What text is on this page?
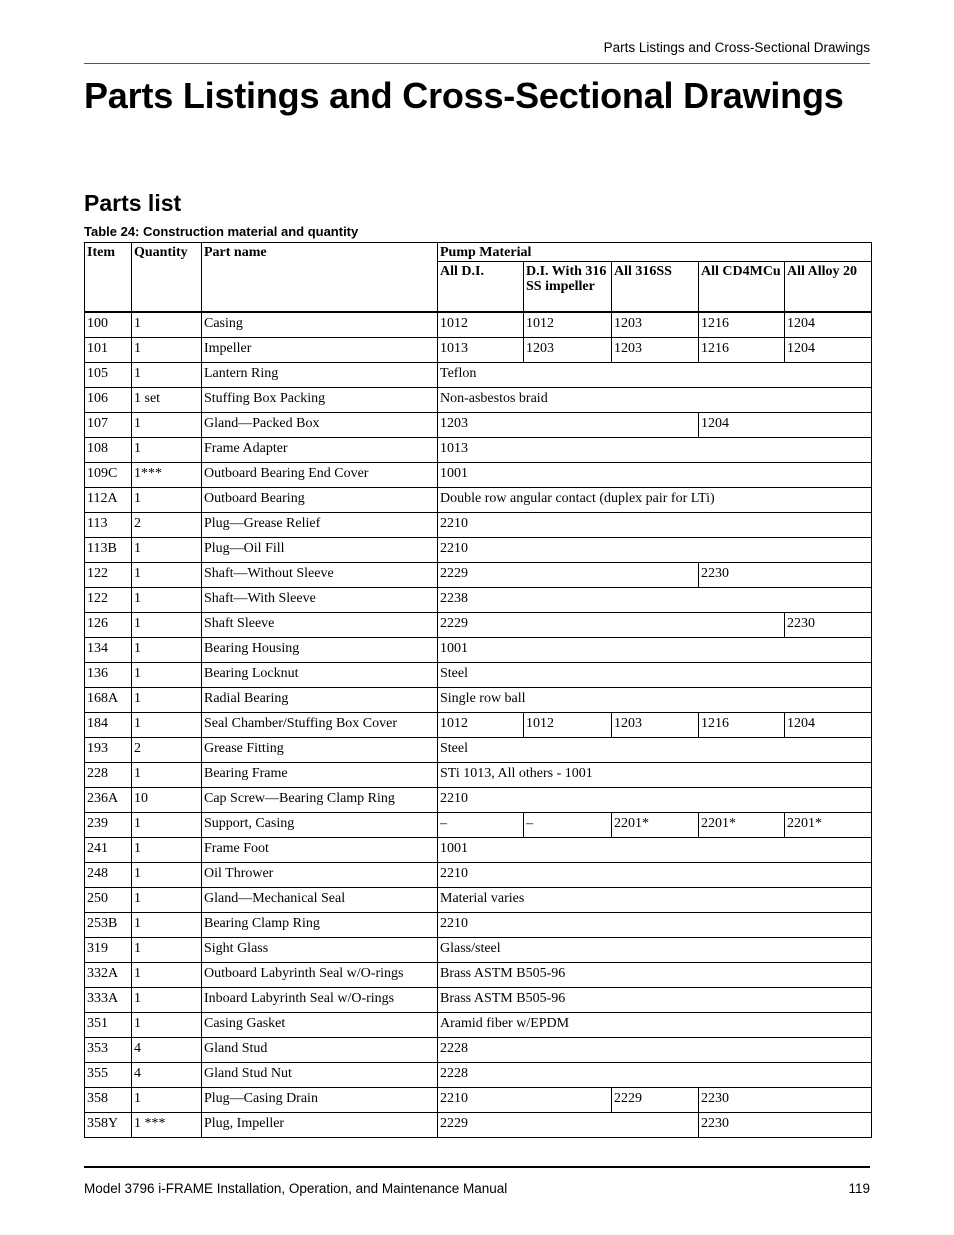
Parts Listings and Cross-Sectional Drawings
Parts Listings and Cross-Sectional Drawings
Parts list
Table 24: Construction material and quantity
Item	Quantity	Part name	Pump Material				
			All D.I.	D.I. With 316 SS impeller	All 316SS	All CD4MCu	All Alloy 20
100	1	Casing	1012	1012	1203	1216	1204
101	1	Impeller	1013	1203	1203	1216	1204
105	1	Lantern Ring	Teflon				
106	1 set	Stuffing Box Packing	Non-asbestos braid				
107	1	Gland—Packed Box	1203			1204	
108	1	Frame Adapter	1013				
109C	1***	Outboard Bearing End Cover	1001				
112A	1	Outboard Bearing	Double row angular contact (duplex pair for LTi)				
113	2	Plug—Grease Relief	2210				
113B	1	Plug—Oil Fill	2210				
122	1	Shaft—Without Sleeve	2229			2230	
122	1	Shaft—With Sleeve	2238				
126	1	Shaft Sleeve	2229				2230
134	1	Bearing Housing	1001				
136	1	Bearing Locknut	Steel				
168A	1	Radial Bearing	Single row ball				
184	1	Seal Chamber/Stuffing Box Cover	1012	1012	1203	1216	1204
193	2	Grease Fitting	Steel				
228	1	Bearing Frame	STi 1013, All others - 1001				
236A	10	Cap Screw—Bearing Clamp Ring	2210				
239	1	Support, Casing	–	–	2201*	2201*	2201*
241	1	Frame Foot	1001				
248	1	Oil Thrower	2210				
250	1	Gland—Mechanical Seal	Material varies				
253B	1	Bearing Clamp Ring	2210				
319	1	Sight Glass	Glass/steel				
332A	1	Outboard Labyrinth Seal w/O-rings	Brass ASTM B505-96				
333A	1	Inboard Labyrinth Seal w/O-rings	Brass ASTM B505-96				
351	1	Casing Gasket	Aramid fiber w/EPDM				
353	4	Gland Stud	2228				
355	4	Gland Stud Nut	2228				
358	1	Plug—Casing Drain	2210		2229	2230	
358Y	1 ***	Plug, Impeller	2229			2230	
Model 3796 i-FRAME Installation, Operation, and Maintenance Manual	119
